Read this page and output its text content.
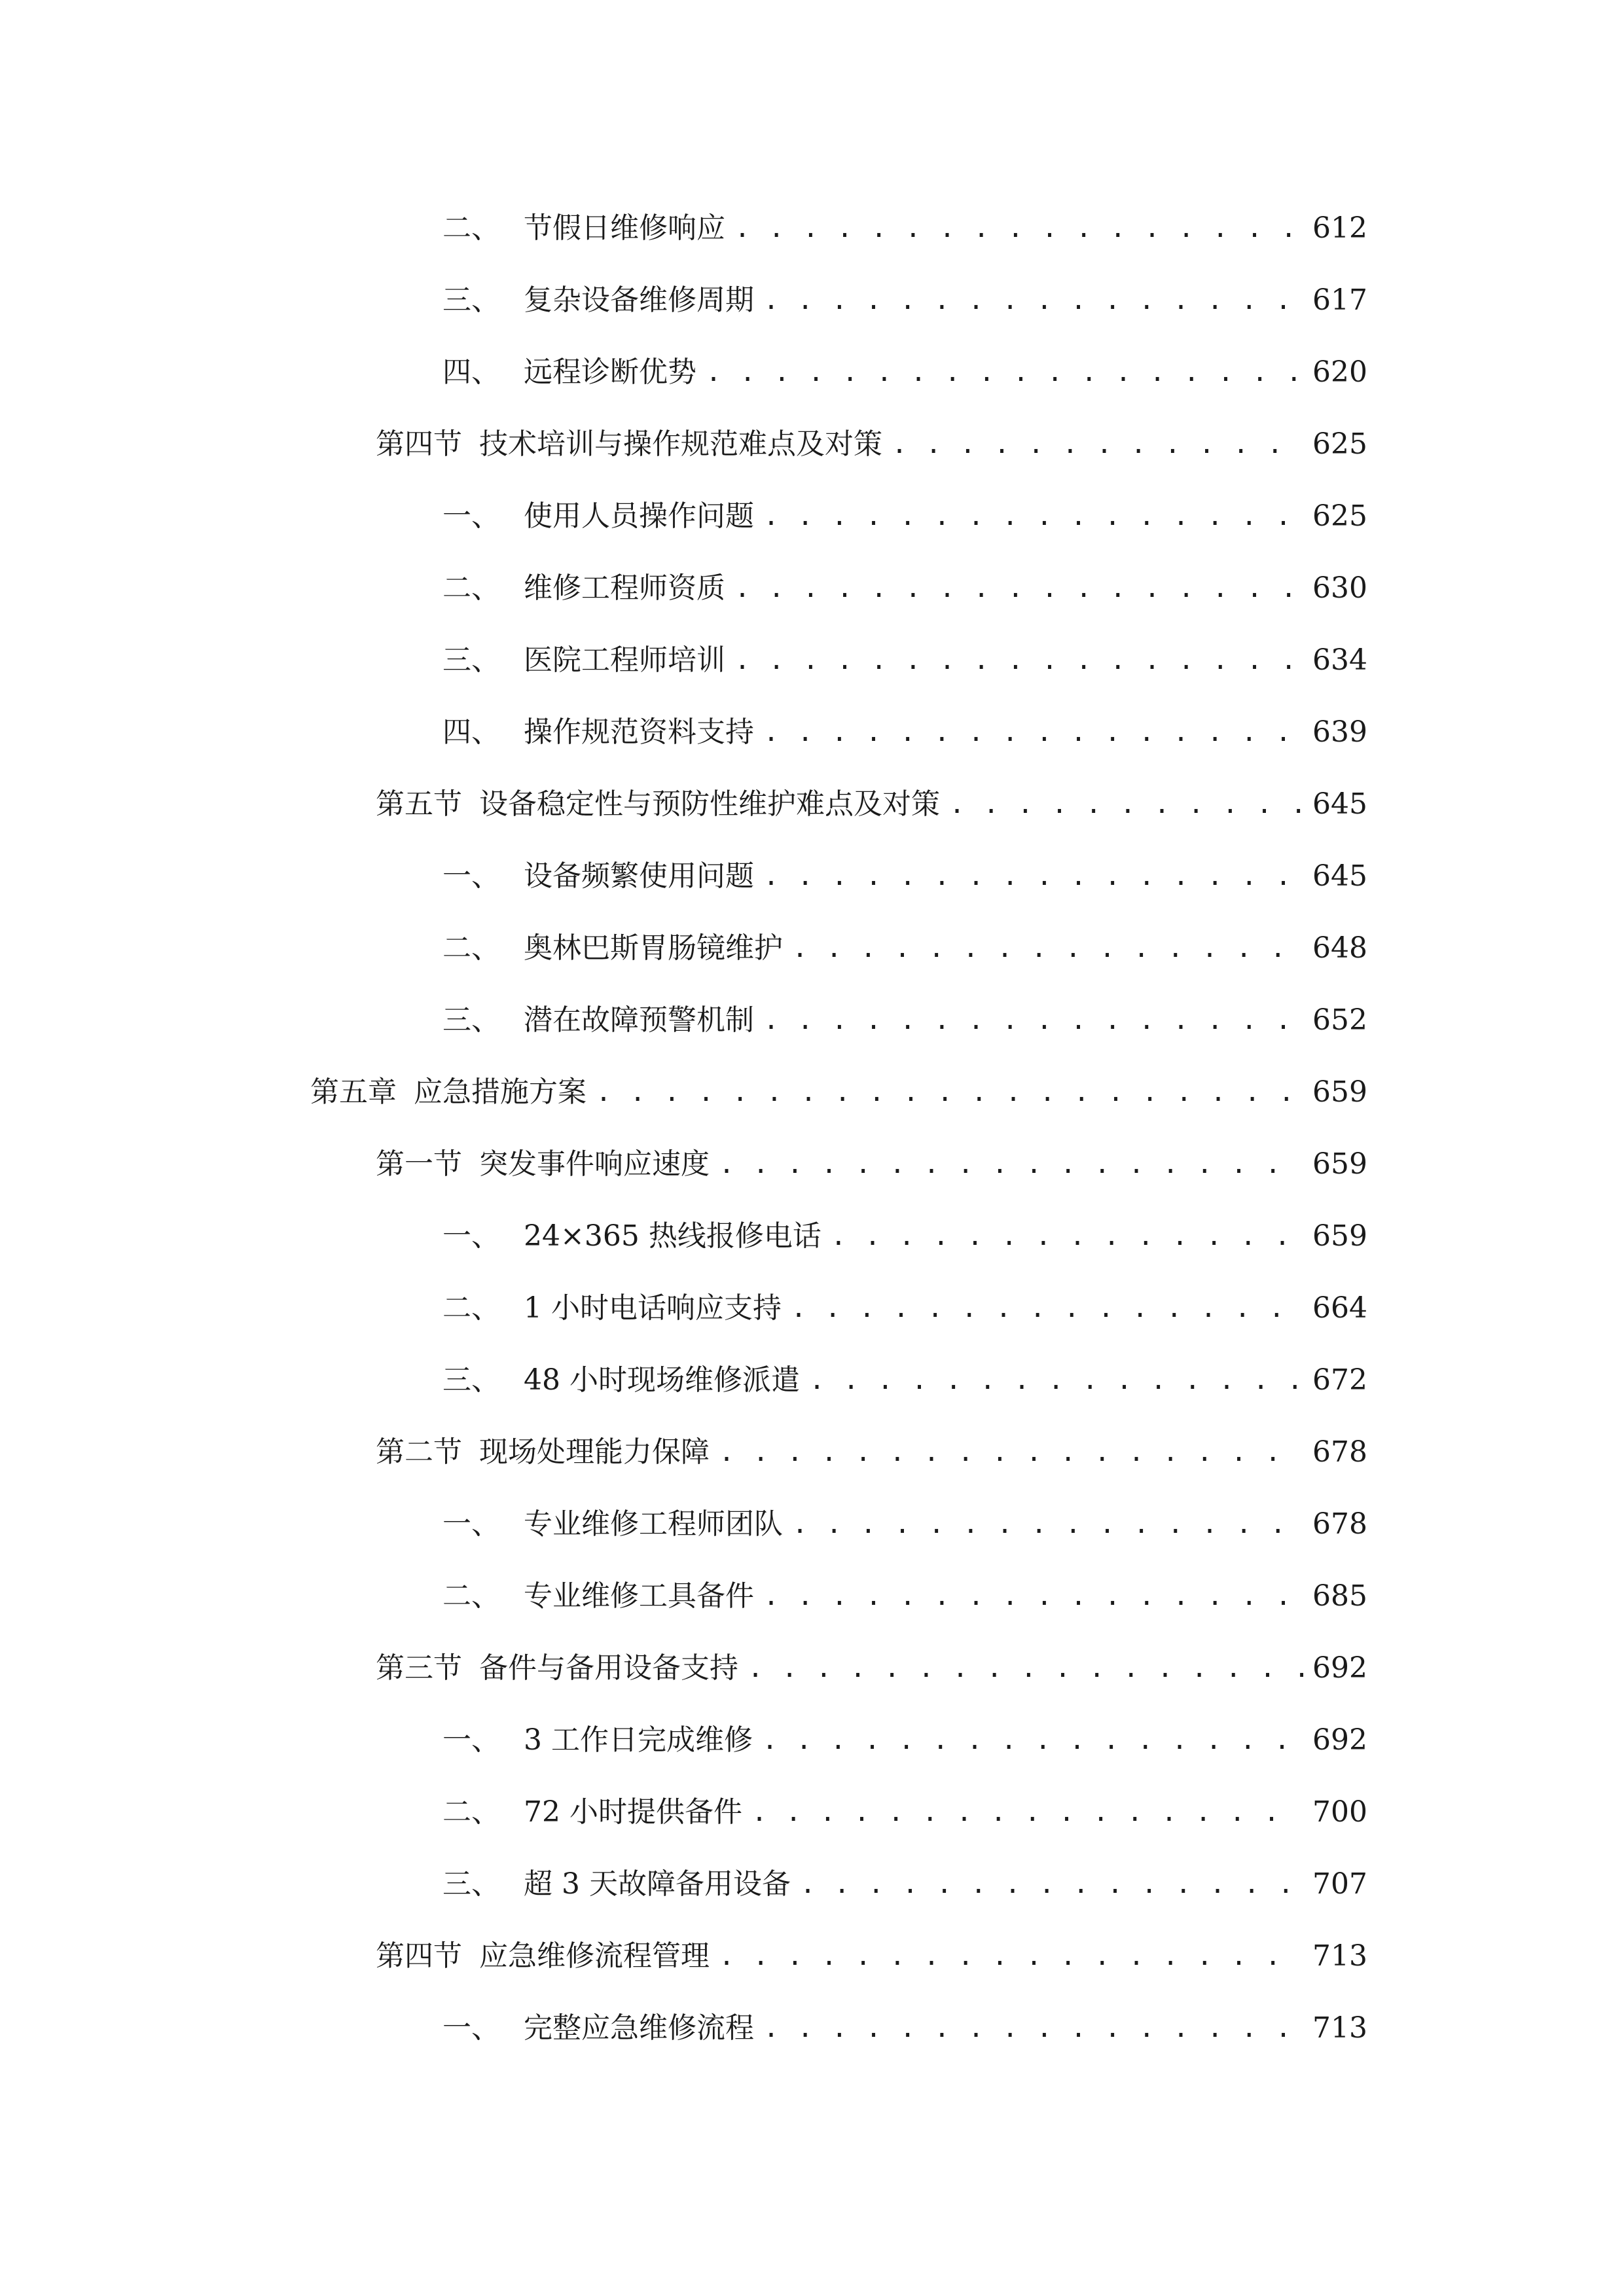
二、 节假日维修响应 . . .	612
三、 复杂设备维修周期 . . .	617
四、 远程诊断优势 . . .	620
第四节 技术培训与操作规范难点及对策 . . .	625
一、 使用人员操作问题 . . .	625
二、 维修工程师资质 . . .	630
三、 医院工程师培训 . . .	634
四、 操作规范资料支持 . . .	639
第五节 设备稳定性与预防性维护难点及对策 . . .	645
一、 设备频繁使用问题 . . .	645
二、 奥林巴斯胃肠镜维护 . . .	648
三、 潜在故障预警机制 . . .	652
第五章 应急措施方案 . . .	659
第一节 突发事件响应速度 . . .	659
一、 24×365 热线报修电话 . . .	659
二、 1 小时电话响应支持 . . .	664
三、 48 小时现场维修派遣 . . .	672
第二节 现场处理能力保障 . . .	678
一、 专业维修工程师团队 . . .	678
二、 专业维修工具备件 . . .	685
第三节 备件与备用设备支持 . . .	692
一、 3 工作日完成维修 . . .	692
二、 72 小时提供备件 . . .	700
三、 超 3 天故障备用设备 . . .	707
第四节 应急维修流程管理 . . .	713
一、 完整应急维修流程 . . .	713
